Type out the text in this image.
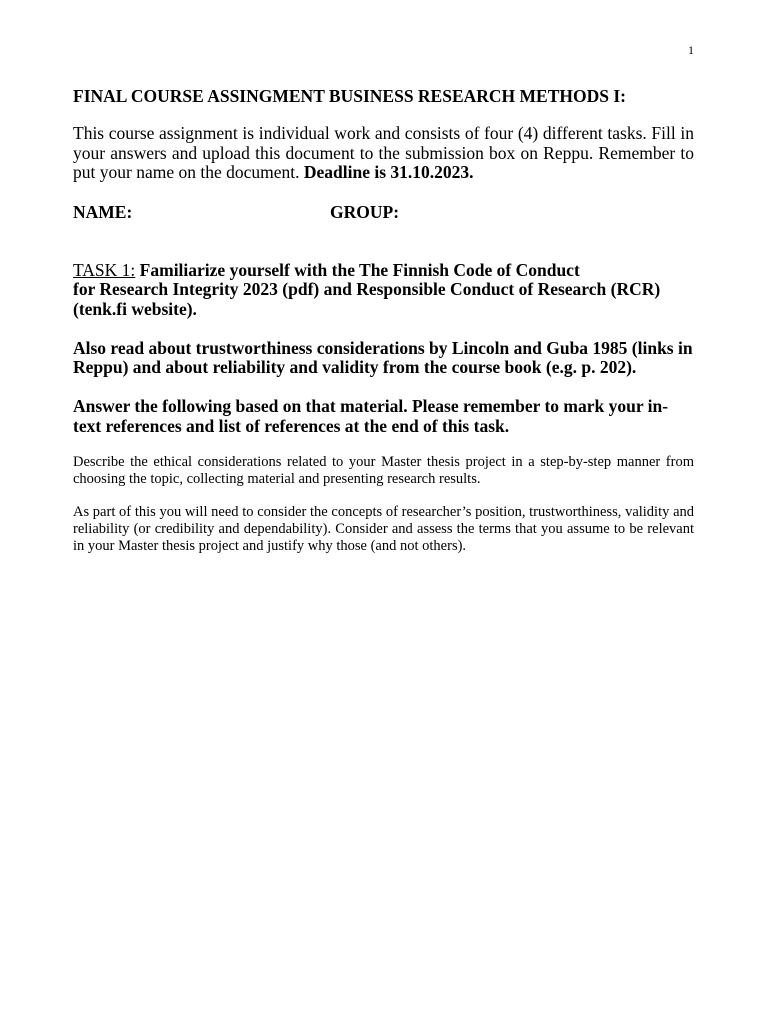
1

FINAL COURSE ASSINGMENT BUSINESS RESEARCH METHODS I:

This course assignment is individual work and consists of four (4) different tasks. Fill in your answers and upload this document to the submission box on Reppu. Remember to put your name on the document. Deadline is 31.10.2023.

NAME:	GROUP:

TASK 1: Familiarize yourself with the The Finnish Code of Conduct
for Research Integrity 2023 (pdf) and Responsible Conduct of Research (RCR) (tenk.fi website).

Also read about trustworthiness considerations by Lincoln and Guba 1985 (links in Reppu) and about reliability and validity from the course book (e.g. p. 202).

Answer the following based on that material. Please remember to mark your in-text references and list of references at the end of this task.

Describe the ethical considerations related to your Master thesis project in a step-by-step manner from choosing the topic, collecting material and presenting research results.

As part of this you will need to consider the concepts of researcher’s position, trustworthiness, validity and reliability (or credibility and dependability). Consider and assess the terms that you assume to be relevant in your Master thesis project and justify why those (and not others).
